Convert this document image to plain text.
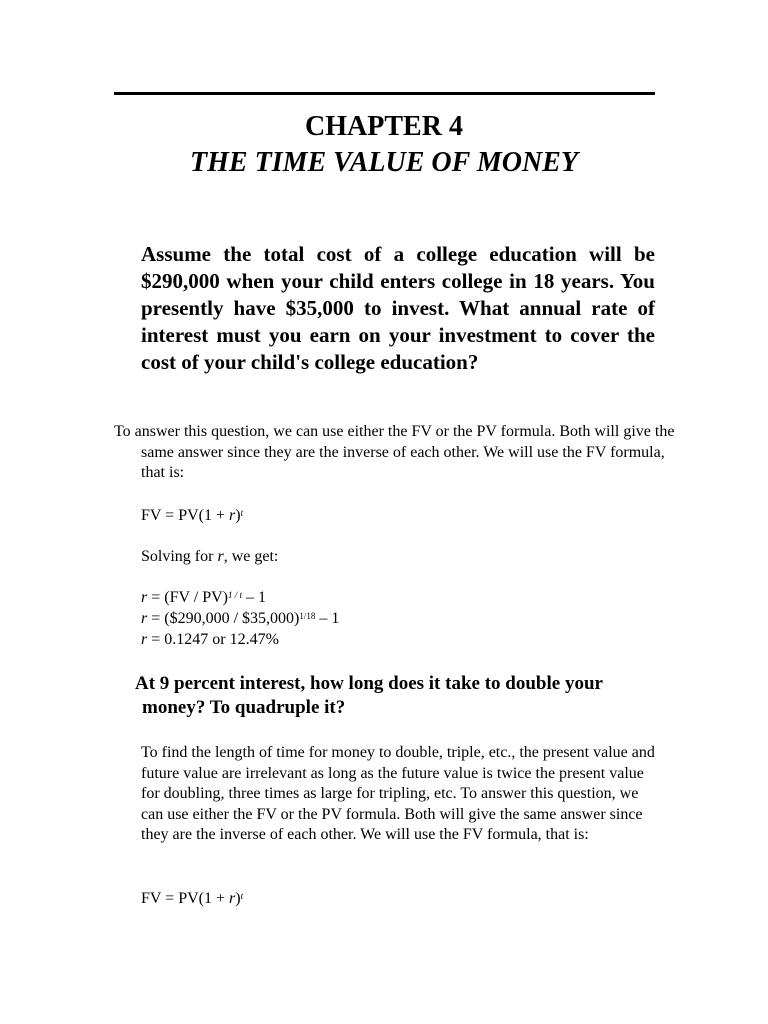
CHAPTER 4
THE TIME VALUE OF MONEY
Assume the total cost of a college education will be $290,000 when your child enters college in 18 years. You presently have $35,000 to invest. What annual rate of interest must you earn on your investment to cover the cost of your child's college education?
To answer this question, we can use either the FV or the PV formula. Both will give the same answer since they are the inverse of each other. We will use the FV formula, that is:
FV = $PV(1 + r)^t$
Solving for r, we get:
r = (FV / PV)$^{1 / t}$ – 1
r = ($290,000 / $35,000)$^{1/18}$ – 1
r = 0.1247 or 12.47%
At 9 percent interest, how long does it take to double your money? To quadruple it?
To find the length of time for money to double, triple, etc., the present value and future value are irrelevant as long as the future value is twice the present value for doubling, three times as large for tripling, etc. To answer this question, we can use either the FV or the PV formula. Both will give the same answer since they are the inverse of each other. We will use the FV formula, that is:
FV = $PV(1 + r)^t$
